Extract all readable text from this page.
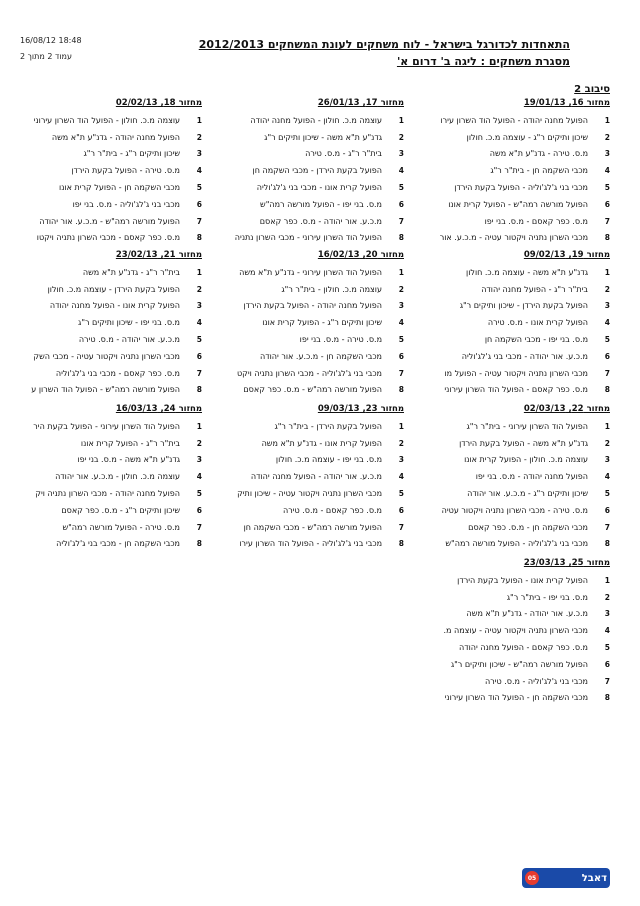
16/08/12 18:48
עמוד 2 מתוך 2
התאחדות לכדורגל בישראל - לוח משחקים לעונת המשחקים 2012/2013
מסגרת משחקים : ליגה ב' דרום א'
סיבוב 2
מחזור 16, 19/01/13
1
הפועל מחנה יהודה - הפועל הוד השרון עירו
2
שיכון ותיקים ר"ג - עוצמה מ.כ. חולון
3
מ.ס. טירה - גדנ"ע ת"א משה
4
מכבי השקמה חן - בית"ר ר"ג
5
מכבי בני ג'לג'וליה - הפועל בקעת הירדן
6
הפועל מורשה רמה"ש - הפועל קרית אונו
7
מ.ס. כפר קאסם - מ.ס. בני יפו
8
מכבי השרון נתניה ויקטור עטיה - מ.כ.ע. אור
מחזור 17, 26/01/13
1
עוצמה מ.כ. חולון - הפועל מחנה יהודה
2
גדנ"ע ת"א משה - שיכון ותיקים ר"ג
3
בית"ר ר"ג - מ.ס. טירה
4
הפועל בקעת הירדן - מכבי השקמה חן
5
הפועל קרית אונו - מכבי בני ג'לג'וליה
6
מ.ס. בני יפו - הפועל מורשה רמה"ש
7
מ.כ.ע. אור יהודה - מ.ס. כפר קאסם
8
הפועל הוד השרון עירוני - מכבי השרון נתניה
מחזור 18, 02/02/13
1
עוצמה מ.כ. חולון - הפועל הוד השרון עירוני
2
הפועל מחנה יהודה - גדנ"ע ת"א משה
3
שיכון ותיקים ר"ג - בית"ר ר"ג
4
מ.ס. טירה - הפועל בקעת הירדן
5
מכבי השקמה חן - הפועל קרית אונו
6
מכבי בני ג'לג'וליה - מ.ס. בני יפו
7
הפועל מורשה רמה"ש - מ.כ.ע. אור יהודה
8
מ.ס. כפר קאסם - מכבי השרון נתניה ויקטו
מחזור 19, 09/02/13
1
גדנ"ע ת"א משה - עוצמה מ.כ. חולון
2
בית"ר ר"ג - הפועל מחנה יהודה
3
הפועל בקעת הירדן - שיכון ותיקים ר"ג
4
הפועל קרית אונו - מ.ס. טירה
5
מ.ס. בני יפו - מכבי השקמה חן
6
מ.כ.ע. אור יהודה - מכבי בני ג'לג'וליה
7
מכבי השרון נתניה ויקטור עטיה - הפועל מו
8
מ.ס. כפר קאסם - הפועל הוד השרון עירוני
מחזור 20, 16/02/13
1
הפועל הוד השרון עירוני - גדנ"ע ת"א משה
2
עוצמה מ.כ. חולון - בית"ר ר"ג
3
הפועל מחנה יהודה - הפועל בקעת הירדן
4
שיכון ותיקים ר"ג - הפועל קרית אונו
5
מ.ס. טירה - מ.ס. בני יפו
6
מכבי השקמה חן - מ.כ.ע. אור יהודה
7
מכבי בני ג'לג'וליה - מכבי השרון נתניה ויקט
8
הפועל מורשה רמה"ש - מ.ס. כפר קאסם
מחזור 21, 23/02/13
1
בית"ר ר"ג - גדנ"ע ת"א משה
2
הפועל בקעת הירדן - עוצמה מ.כ. חולון
3
הפועל קרית אונו - הפועל מחנה יהודה
4
מ.ס. בני יפו - שיכון ותיקים ר"ג
5
מ.כ.ע. אור יהודה - מ.ס. טירה
6
מכבי השרון נתניה ויקטור עטיה - מכבי השק
7
מ.ס. כפר קאסם - מכבי בני ג'לג'וליה
8
הפועל מורשה רמה"ש - הפועל הוד השרון ע
מחזור 22, 02/03/13
1
הפועל הוד השרון עירוני - בית"ר ר"ג
2
גדנ"ע ת"א משה - הפועל בקעת הירדן
3
עוצמה מ.כ. חולון - הפועל קרית אונו
4
הפועל מחנה יהודה - מ.ס. בני יפו
5
שיכון ותיקים ר"ג - מ.כ.ע. אור יהודה
6
מ.ס. טירה - מכבי השרון נתניה ויקטור עטיה
7
מכבי השקמה חן - מ.ס. כפר קאסם
8
מכבי בני ג'לג'וליה - הפועל מורשה רמה"ש
מחזור 23, 09/03/13
1
הפועל בקעת הירדן - בית"ר ר"ג
2
הפועל קרית אונו - גדנ"ע ת"א משה
3
מ.ס. בני יפו - עוצמה מ.כ. חולון
4
מ.כ.ע. אור יהודה - הפועל מחנה יהודה
5
מכבי השרון נתניה ויקטור עטיה - שיכון ותיק
6
מ.ס. כפר קאסם - מ.ס. טירה
7
הפועל מורשה רמה"ש - מכבי השקמה חן
8
מכבי בני ג'לג'וליה - הפועל הוד השרון עירו
מחזור 24, 16/03/13
1
הפועל הוד השרון עירוני - הפועל בקעת היר
2
בית"ר ר"ג - הפועל קרית אונו
3
גדנ"ע ת"א משה - מ.ס. בני יפו
4
עוצמה מ.כ. חולון - מ.כ.ע. אור יהודה
5
הפועל מחנה יהודה - מכבי השרון נתניה ויק
6
שיכון ותיקים ר"ג - מ.ס. כפר קאסם
7
מ.ס. טירה - הפועל מורשה רמה"ש
8
מכבי השקמה חן - מכבי בני ג'לג'וליה
מחזור 25, 23/03/13
1
הפועל קרית אונו - הפועל בקעת הירדן
2
מ.ס. בני יפו - בית"ר ר"ג
3
מ.כ.ע. אור יהודה - גדנ"ע ת"א משה
4
מכבי השרון נתניה ויקטור עטיה - עוצמה מ.
5
מ.ס. כפר קאסם - הפועל מחנה יהודה
6
הפועל מורשה רמה"ש - שיכון ותיקים ר"ג
7
מכבי בני ג'לג'וליה - מ.ס. טירה
8
מכבי השקמה חן - הפועל הוד השרון עירוני
05	דאבל
